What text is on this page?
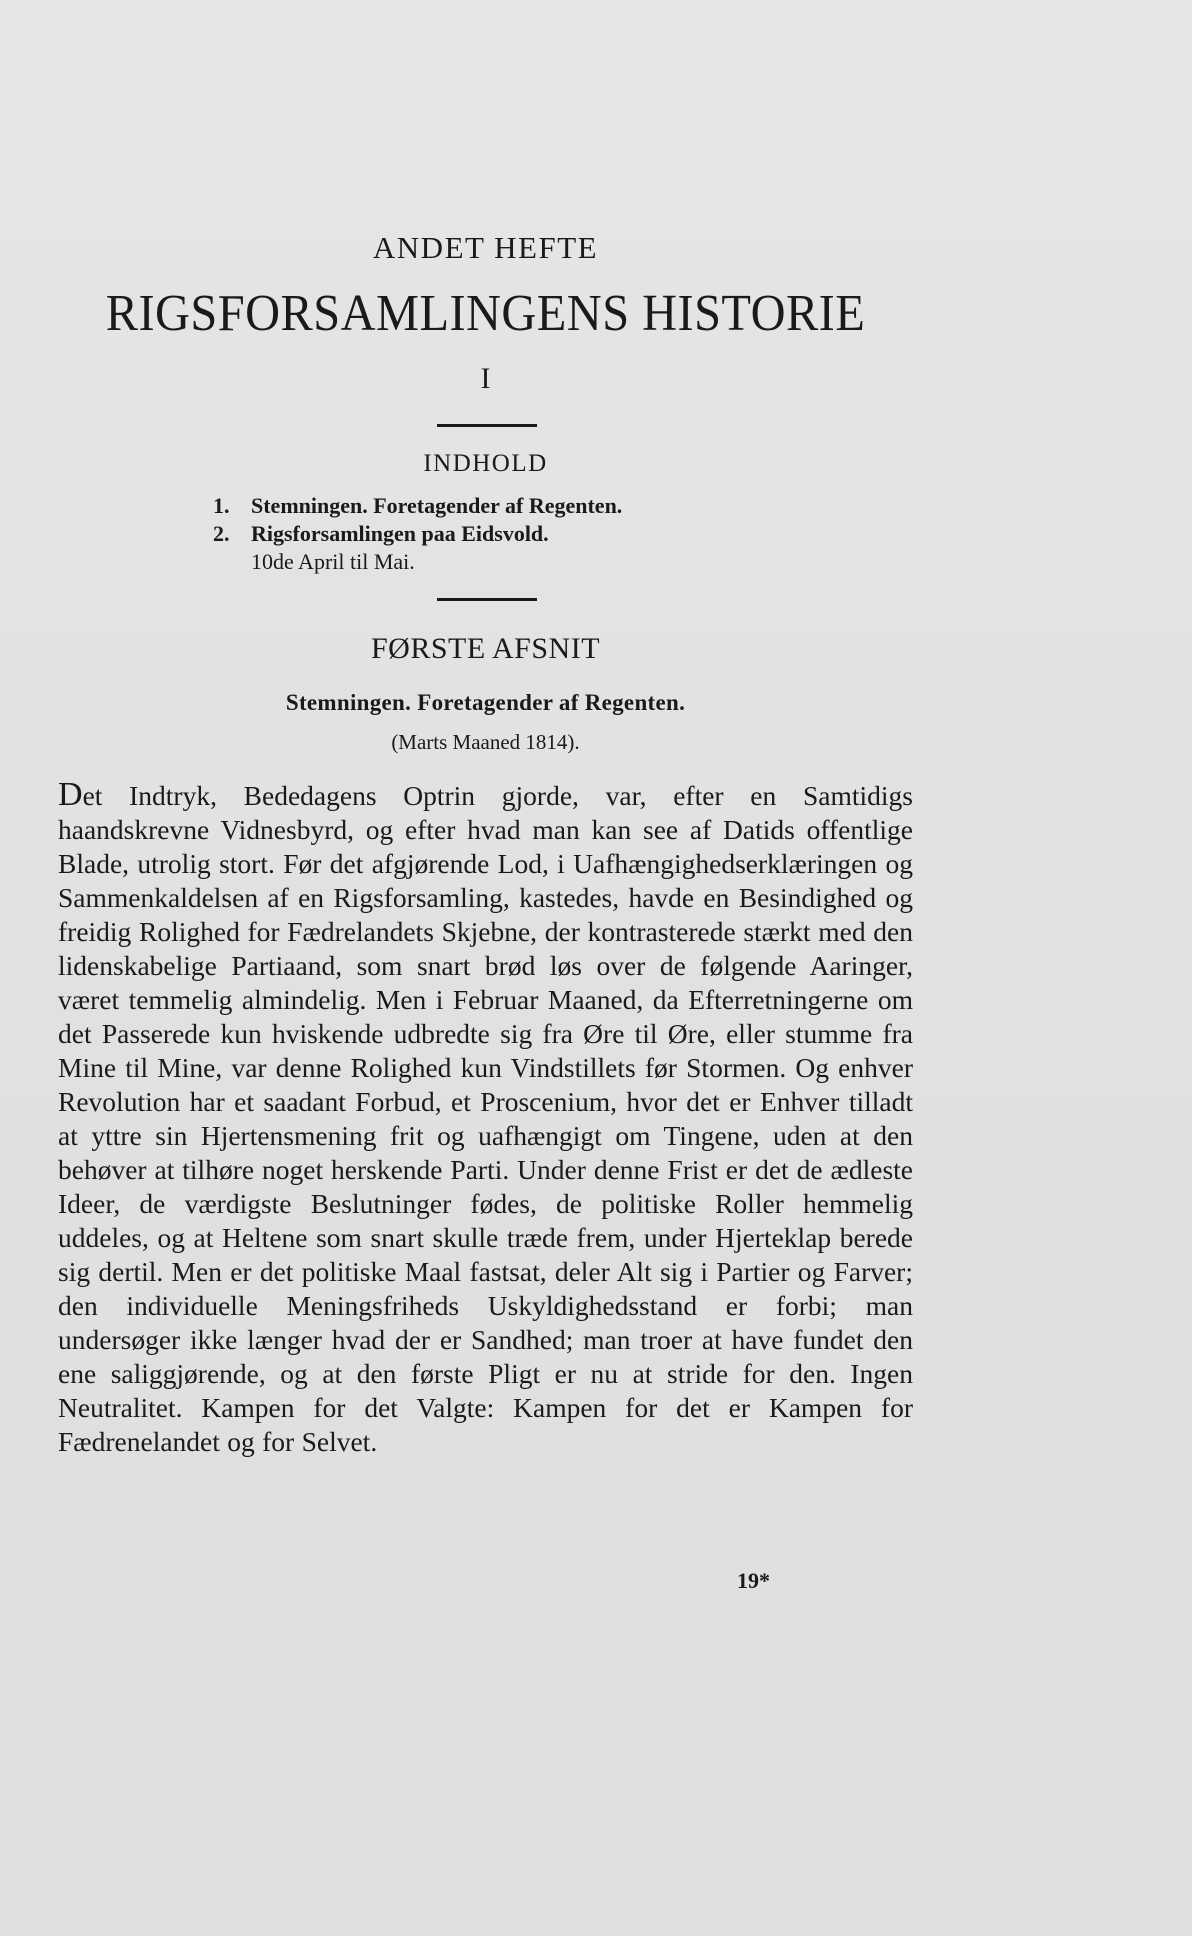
ANDET HEFTE
RIGSFORSAMLINGENS HISTORIE
I
INDHOLD
1. Stemningen. Foretagender af Regenten.
2. Rigsforsamlingen paa Eidsvold.
10de April til Mai.
FØRSTE AFSNIT
Stemningen. Foretagender af Regenten.
(Marts Maaned 1814).
Det Indtryk, Bededagens Optrin gjorde, var, efter en Samtidigs haandskrevne Vidnesbyrd, og efter hvad man kan see af Datids offentlige Blade, utrolig stort. Før det afgjørende Lod, i Uafhængighedserklæringen og Sammenkaldelsen af en Rigsforsamling, kastedes, havde en Besindighed og freidig Rolighed for Fædrelandets Skjebne, der kontrasterede stærkt med den lidenskabelige Partiaand, som snart brød løs over de følgende Aaringer, været temmelig almindelig. Men i Februar Maaned, da Efterretningerne om det Passerede kun hviskende udbredte sig fra Øre til Øre, eller stumme fra Mine til Mine, var denne Rolighed kun Vindstillets før Stormen. Og enhver Revolution har et saadant Forbud, et Proscenium, hvor det er Enhver tilladt at yttre sin Hjertensmening frit og uafhængigt om Tingene, uden at den behøver at tilhøre noget herskende Parti. Under denne Frist er det de ædleste Ideer, de værdigste Beslutninger fødes, de politiske Roller hemmelig uddeles, og at Heltene som snart skulle træde frem, under Hjerteklap berede sig dertil. Men er det politiske Maal fastsat, deler Alt sig i Partier og Farver; den individuelle Meningsfriheds Uskyldighedsstand er forbi; man undersøger ikke længer hvad der er Sandhed; man troer at have fundet den ene saliggjørende, og at den første Pligt er nu at stride for den. Ingen Neutralitet. Kampen for det Valgte: Kampen for det er Kampen for Fædrenelandet og for Selvet.
19*
